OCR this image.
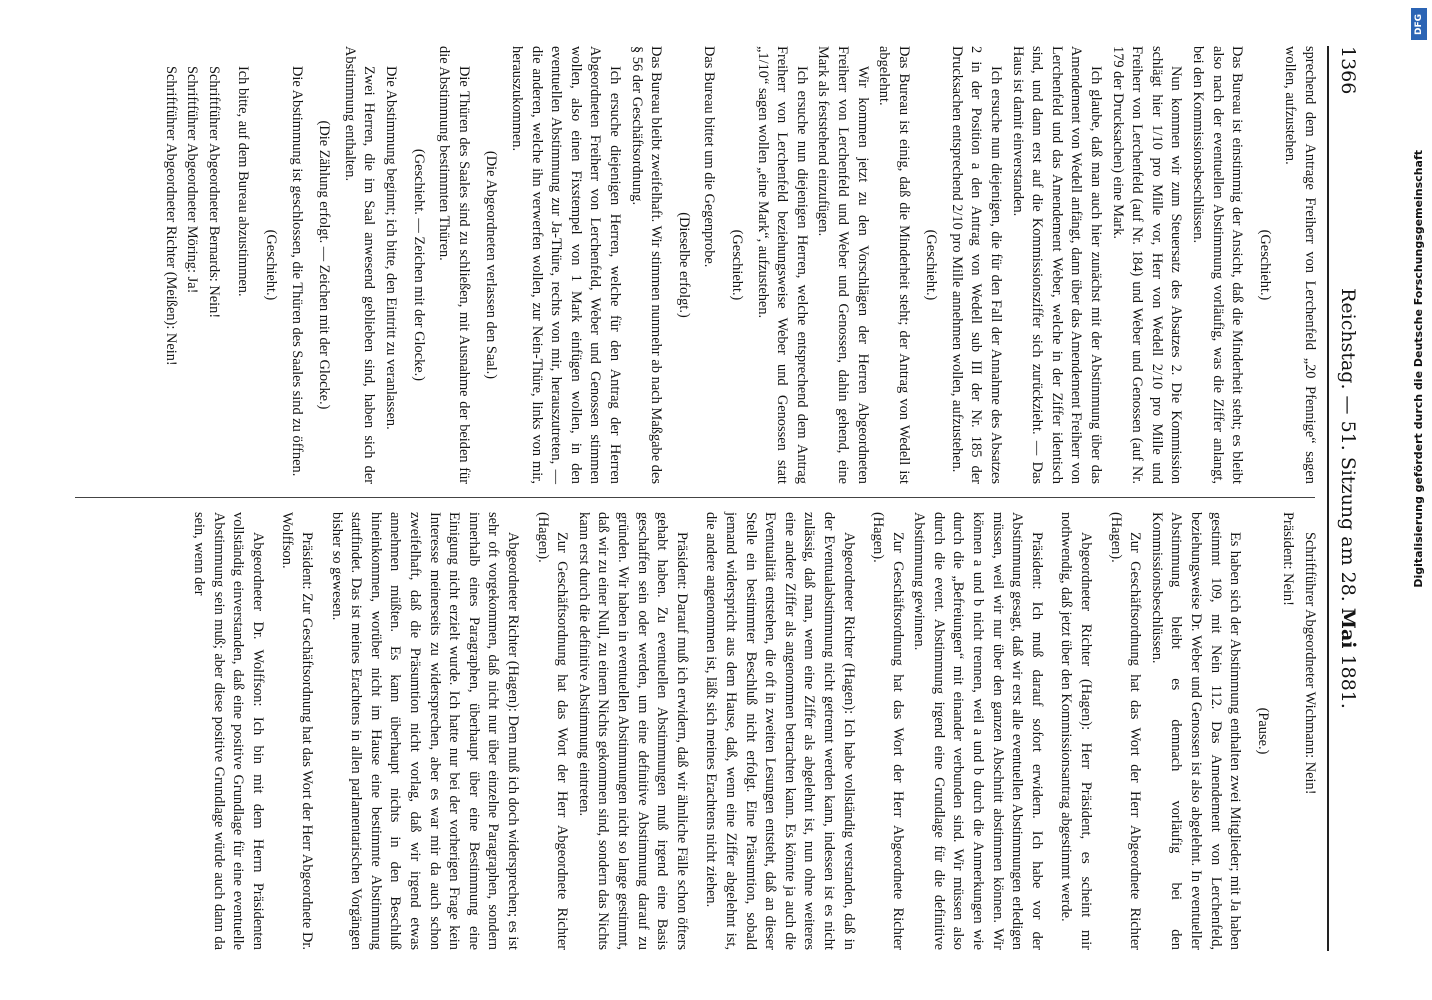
1366
Reichstag. — 51. Sitzung am 28. Mai 1881.

sprechend dem Antrage Freiherr von Lerchenfeld „20 Pfennige“ sagen wollen, aufzustehen.

(Geschieht.)

Das Bureau ist einstimmig der Ansicht, daß die Minderheit steht; es bleibt also nach der eventuellen Abstimmung vorläufig, was die Ziffer anlangt, bei den Kommissionsbeschlüssen.

Nun kommen wir zum Steuersatz des Absatzes 2. Die Kommission schlägt hier 1/10 pro Mille vor, Herr von Wedell 2/10 pro Mille und Freiherr von Lerchenfeld (auf Nr. 184) und Weber und Genossen (auf Nr. 179 der Drucksachen) eine Mark.

Ich glaube, daß man auch hier zunächst mit der Abstimmung über das Amendement von Wedell anfängt, dann über das Amendement Freiherr von Lerchenfeld und das Amendement Weber, welche in der Ziffer identisch sind, und dann erst auf die Kommissionsziffer sich zurückzieht. — Das Haus ist damit einverstanden.

Ich ersuche nun diejenigen, die für den Fall der Annahme des Absatzes 2 in der Position a den Antrag von Wedell sub III der Nr. 185 der Drucksachen entsprechend 2/10 pro Mille annehmen wollen, aufzustehen.

(Geschieht.)

Das Bureau ist einig, daß die Minderheit steht; der Antrag von Wedell ist abgelehnt.

Wir kommen jetzt zu den Vorschlägen der Herren Abgeordneten Freiherr von Lerchenfeld und Weber und Genossen, dahin gehend, eine Mark als feststehend einzufügen.

Ich ersuche nun diejenigen Herren, welche entsprechend dem Antrag Freiherr von Lerchenfeld beziehungsweise Weber und Genossen statt „1/10“ sagen wollen „eine Mark“, aufzustehen.

(Geschieht.)

Das Bureau bittet um die Gegenprobe.

(Dieselbe erfolgt.)

Das Bureau bleibt zweifelhaft. Wir stimmen nunmehr ab nach Maßgabe des § 56 der Geschäftsordnung.

Ich ersuche diejenigen Herren, welche für den Antrag der Herren Abgeordneten Freiherr von Lerchenfeld, Weber und Genossen stimmen wollen, also einen Fixstempel von 1 Mark einfügen wollen, in den eventuellen Abstimmung zur Ja-Thüre, rechts von mir, herauszutreten, — die anderen, welche ihn verwerfen wollen, zur Nein-Thüre, links von mir, herauszukommen.

(Die Abgeordneten verlassen den Saal.)

Die Thüren des Saales sind zu schließen, mit Ausnahme der beiden für die Abstimmung bestimmten Thüren.

(Geschieht. — Zeichen mit der Glocke.)

Die Abstimmung beginnt; ich bitte, den Eintritt zu veranlassen.

Zwei Herren, die im Saal anwesend geblieben sind, haben sich der Abstimmung enthalten.

(Die Zählung erfolgt. — Zeichen mit der Glocke.)

Die Abstimmung ist geschlossen, die Thüren des Saales sind zu öffnen.

(Geschieht.)

Ich bitte, auf dem Bureau abzustimmen.

Schriftführer Abgeordneter Bernards: Nein!

Schriftführer Abgeordneter Möring: Ja!

Schriftführer Abgeordneter Richter (Meißen): Nein!

Schriftführer Abgeordneter Wichmann: Nein!

Präsident: Nein!

(Pause.)

Es haben sich der Abstimmung enthalten zwei Mitglieder; mit Ja haben gestimmt 109, mit Nein 112. Das Amendement von Lerchenfeld, beziehungsweise Dr. Weber und Genossen ist also abgelehnt. In eventueller Abstimmung bleibt es demnach vorläufig bei den Kommissionsbeschlüssen.

Zur Geschäftsordnung hat das Wort der Herr Abgeordnete Richter (Hagen).

Abgeordneter Richter (Hagen): Herr Präsident, es scheint mir nothwendig, daß jetzt über den Kommissionsantrag abgestimmt werde.

Präsident: Ich muß darauf sofort erwidern. Ich habe vor der Abstimmung gesagt, daß wir erst alle eventuellen Abstimmungen erledigen müssen, weil wir nur über den ganzen Abschnitt abstimmen können. Wir können a und b nicht trennen, weil a und b durch die Anmerkungen wie durch die „Befreiungen“ mit einander verbunden sind. Wir müssen also durch die event. Abstimmung irgend eine Grundlage für die definitive Abstimmung gewinnen.

Zur Geschäftsordnung hat das Wort der Herr Abgeordnete Richter (Hagen).

Abgeordneter Richter (Hagen): Ich habe vollständig verstanden, daß in der Eventualabstimmung nicht getrennt werden kann, indessen ist es nicht zulässig, daß man, wenn eine Ziffer als abgelehnt ist, nun ohne weiteres eine andere Ziffer als angenommen betrachten kann. Es könnte ja auch die Eventualität entstehen, die oft in zweiten Lesungen entsteht, daß an dieser Stelle ein bestimmter Beschluß nicht erfolgt. Eine Präsumtion, sobald jemand widerspricht aus dem Hause, daß, wenn eine Ziffer abgelehnt ist, die andere angenommen ist, läßt sich meines Erachtens nicht ziehen.

Präsident: Darauf muß ich erwidern, daß wir ähnliche Fälle schon öfters gehabt haben. Zu eventuellen Abstimmungen muß irgend eine Basis geschaffen sein oder werden, um eine definitive Abstimmung darauf zu gründen. Wir haben in eventuellen Abstimmungen nicht so lange gestimmt, daß wir zu einer Null, zu einem Nichts gekommen sind, sondern das Nichts kann erst durch die definitive Abstimmung eintreten.

Zur Geschäftsordnung hat das Wort der Herr Abgeordnete Richter (Hagen).

Abgeordneter Richter (Hagen): Dem muß ich doch widersprechen; es ist sehr oft vorgekommen, daß nicht nur über einzelne Paragraphen, sondern innerhalb eines Paragraphen, überhaupt über eine Bestimmung eine Einigung nicht erzielt wurde. Ich hatte nur bei der vorherigen Frage kein Interesse meinerseits zu widersprechen, aber es war mir da auch schon zweifelhaft, daß die Präsumtion nicht vorlag, daß wir irgend etwas annehmen müßten. Es kann überhaupt nichts in den Beschluß hineinkommen, worüber nicht im Hause eine bestimmte Abstimmung stattfindet. Das ist meines Erachtens in allen parlamentarischen Vorgängen bisher so gewesen.

Präsident: Zur Geschäftsordnung hat das Wort der Herr Abgeordnete Dr. Wolffson.

Abgeordneter Dr. Wolffson: Ich bin mit dem Herrn Präsidenten vollständig einverstanden, daß eine positive Grundlage für eine eventuelle Abstimmung sein muß; aber diese positive Grundlage würde auch dann da sein, wenn der

DFG
Digitalisierung gefördert durch die Deutsche Forschungsgemeinschaft
